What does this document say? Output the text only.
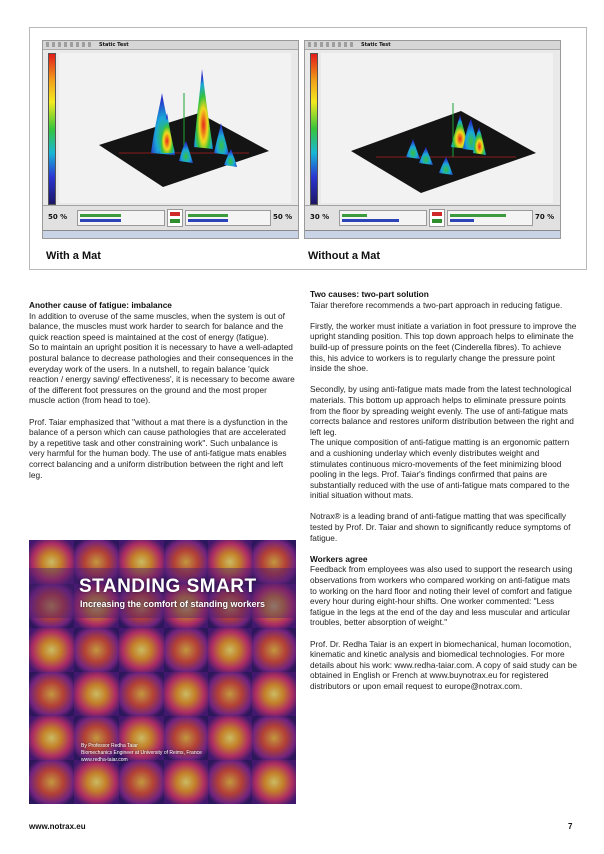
Static Test
50 %	50 %
Static Test
30 %	70 %
With a Mat	Without a Mat

Another cause of fatigue: imbalance

In addition to overuse of the same muscles, when the system is out of balance, the muscles must work harder to search for balance and the quick reaction speed is maintained at the cost of energy (fatigue).

So to maintain an upright position it is necessary to have a well-adapted postural balance to decrease pathologies and their consequences in the everyday work of the users. In a nutshell, to regain balance 'quick reaction / energy saving/ effectiveness', it is necessary to become aware of the different foot pressures on the ground and the most proper muscle action (from head to toe).

Prof. Taiar emphasized that "without a mat there is a dysfunction in the balance of a person which can cause pathologies that are accelerated by a repetitive task and other constraining work". Such unbalance is very harmful for the human body. The use of anti-fatigue mats enables correct balancing and a uniform distribution between the right and left leg.

STANDING SMART
Increasing the comfort of standing workers
By Professor Redha Taiar
Biomechanics Engineer at University of Reims, France
www.redha-taiar.com

Two causes: two-part solution

Taiar therefore recommends a two-part approach in reducing fatigue.

Firstly, the worker must initiate a variation in foot pressure to improve the upright standing position. This top down approach helps to eliminate the build-up of pressure points on the feet (Cinderella fibres). To achieve this, his advice to workers is to regularly change the pressure point inside the shoe.

Secondly, by using anti-fatigue mats made from the latest technological materials. This bottom up approach helps to eliminate pressure points from the floor by spreading weight evenly. The use of anti-fatigue mats corrects balance and restores uniform distribution between the right and left leg.

The unique composition of anti-fatigue matting is an ergonomic pattern and a cushioning underlay which evenly distributes weight and stimulates continuous micro-movements of the feet minimizing blood pooling in the legs. Prof. Taiar's findings confirmed that pains are substantially reduced with the use of anti-fatigue mats compared to the initial situation without mats.

Notrax® is a leading brand of anti-fatigue matting that was specifically tested by Prof. Dr. Taiar and shown to significantly reduce symptoms of fatigue.

Workers agree

Feedback from employees was also used to support the research using observations from workers who compared working on anti-fatigue mats to working on the hard floor and noting their level of comfort and fatigue every hour during eight-hour shifts. One worker commented: "Less fatigue in the legs at the end of the day and less muscular and articular troubles, better absorption of weight."

Prof. Dr. Redha Taiar is an expert in biomechanical, human locomotion, kinematic and kinetic analysis and biomedical technologies. For more details about his work: www.redha-taiar.com. A copy of said study can be obtained in English or French at www.buynotrax.eu for registered distributors or upon email request to europe@notrax.com.

www.notrax.eu	7
